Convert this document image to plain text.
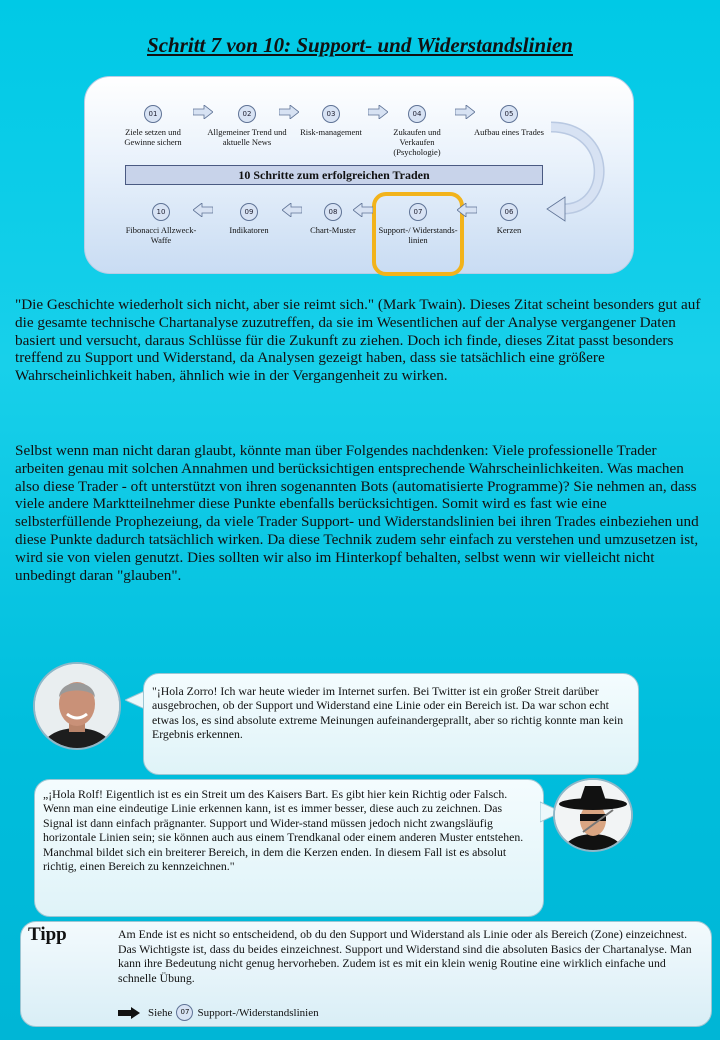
Schritt 7 von 10: Support- und Widerstandslinien
01
Ziele setzen und Gewinne sichern
02
Allgemeiner Trend und aktuelle News
03
Risk-management
04
Zukaufen und Verkaufen (Psychologie)
05
Aufbau eines Trades
10 Schritte zum erfolgreichen Traden
06
Kerzen
07
Support-/ Widerstands-linien
08
Chart-Muster
09
Indikatoren
10
Fibonacci Allzweck-Waffe

"Die Geschichte wiederholt sich nicht, aber sie reimt sich." (Mark Twain). Dieses Zitat scheint besonders gut auf die gesamte technische Chartanalyse zuzutreffen, da sie im Wesentlichen auf der Analyse vergangener Daten basiert und versucht, daraus Schlüsse für die Zukunft zu ziehen. Doch ich finde, dieses Zitat passt besonders treffend zu Support und Widerstand, da Analysen gezeigt haben, dass sie tatsächlich eine größere Wahrscheinlichkeit haben, ähnlich wie in der Vergangenheit zu wirken.

Selbst wenn man nicht daran glaubt, könnte man über Folgendes nachdenken: Viele professionelle Trader arbeiten genau mit solchen Annahmen und berücksichtigen entsprechende Wahrscheinlichkeiten. Was machen also diese Trader - oft unterstützt von ihren sogenannten Bots (automatisierte Programme)? Sie nehmen an, dass viele andere Marktteilnehmer diese Punkte ebenfalls berücksichtigen. Somit wird es fast wie eine selbsterfüllende Prophezeiung, da viele Trader Support- und Widerstandslinien bei ihren Trades einbeziehen und diese Punkte dadurch tatsächlich wirken. Da diese Technik zudem sehr einfach zu verstehen und umzusetzen ist, wird sie von vielen genutzt. Dies sollten wir also im Hinterkopf behalten, selbst wenn wir vielleicht nicht unbedingt daran "glauben".

"¡Hola Zorro! Ich war heute wieder im Internet surfen. Bei Twitter ist ein großer Streit darüber ausgebrochen, ob der Support und Widerstand eine Linie oder ein Bereich ist. Da war schon echt etwas los, es sind absolute extreme Meinungen aufeinandergeprallt, aber so richtig konnte man kein Ergebnis erkennen.

„¡Hola Rolf! Eigentlich ist es ein Streit um des Kaisers Bart. Es gibt hier kein Richtig oder Falsch. Wenn man eine eindeutige Linie erkennen kann, ist es immer besser, diese auch zu zeichnen. Das Signal ist dann einfach prägnanter. Support und Wider-stand müssen jedoch nicht zwangsläufig horizontale Linien sein; sie können auch aus einem Trendkanal oder einem anderen Muster entstehen. Manchmal bildet sich ein breiterer Bereich, in dem die Kerzen enden. In diesem Fall ist es absolut richtig, einen Bereich zu kennzeichnen."

Tipp	Am Ende ist es nicht so entscheidend, ob du den Support und Widerstand als Linie oder als Bereich (Zone) einzeichnest. Das Wichtigste ist, dass du beides einzeichnest. Support und Widerstand sind die absoluten Basics der Chartanalyse. Man kann ihre Bedeutung nicht genug hervorheben. Zudem ist es mit ein klein wenig Routine eine wirklich einfache und schnelle Übung.

Siehe	07 Support-/Widerstandslinien
